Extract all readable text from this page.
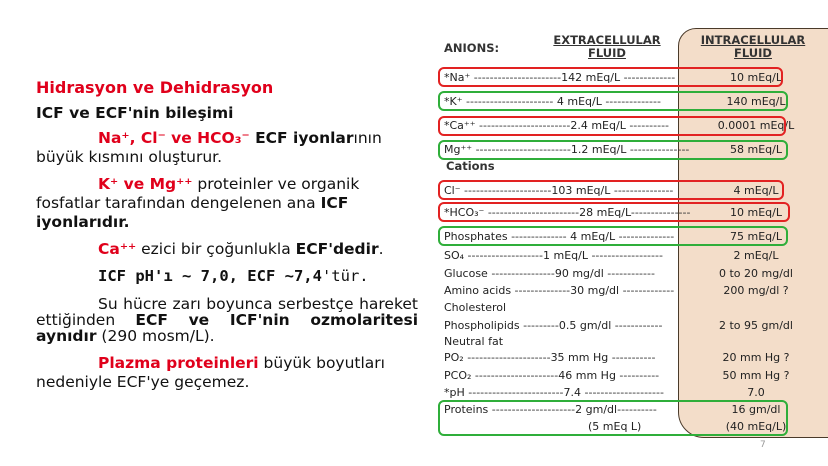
Hidrasyon ve Dehidrasyon

ICF ve ECF'nin bileşimi

Na⁺, Cl⁻ ve HCO₃⁻ ECF iyonlarının

büyük kısmını oluşturur.

K⁺ ve Mg⁺⁺ proteinler ve organik

fosfatlar tarafından dengelenen ana ICF

iyonlarıdır.

Ca⁺⁺ ezici bir çoğunlukla ECF'dedir.

ICF pH'ı ~ 7,0, ECF ~7,4'tür.

Su hücre zarı boyunca serbestçe hareket ettiğinden ECF ve ICF'nin ozmolaritesi aynıdır (290 mosm/L).

Plazma proteinleri büyük boyutları

nedeniyle ECF'ye geçemez.

ANIONS:
EXTRACELLULAR
FLUID
INTRACELLULAR
FLUID
Cations
*Na⁺ ----------------------142 mEq/L -------------	10 mEq/L
*K⁺ ---------------------- 4 mEq/L --------------	140 mEq/L
*Ca⁺⁺ -----------------------2.4 mEq/L ----------	0.0001 mEq/L
Mg⁺⁺ ------------------------1.2 mEq/L ---------------	58 mEq/L
Cl⁻ ----------------------103 mEq/L ---------------	4 mEq/L
*HCO₃⁻ -----------------------28 mEq/L---------------	10 mEq/L
Phosphates -------------- 4 mEq/L --------------	75 mEq/L
SO₄ -------------------1 mEq/L ------------------	2 mEq/L
Glucose ----------------90 mg/dl ------------	0 to 20 mg/dl
Amino acids --------------30 mg/dl -------------	200 mg/dl ?
Cholesterol
Phospholipids ---------0.5 gm/dl ------------	2 to 95 gm/dl
Neutral fat
PO₂ ---------------------35 mm Hg -----------	20 mm Hg ?
PCO₂ ---------------------46 mm Hg ----------	50 mm Hg ?
*pH ------------------------7.4 --------------------	7.0
Proteins ---------------------2 gm/dl----------	16 gm/dl
(5 mEq L)	(40 mEq/L)
7
